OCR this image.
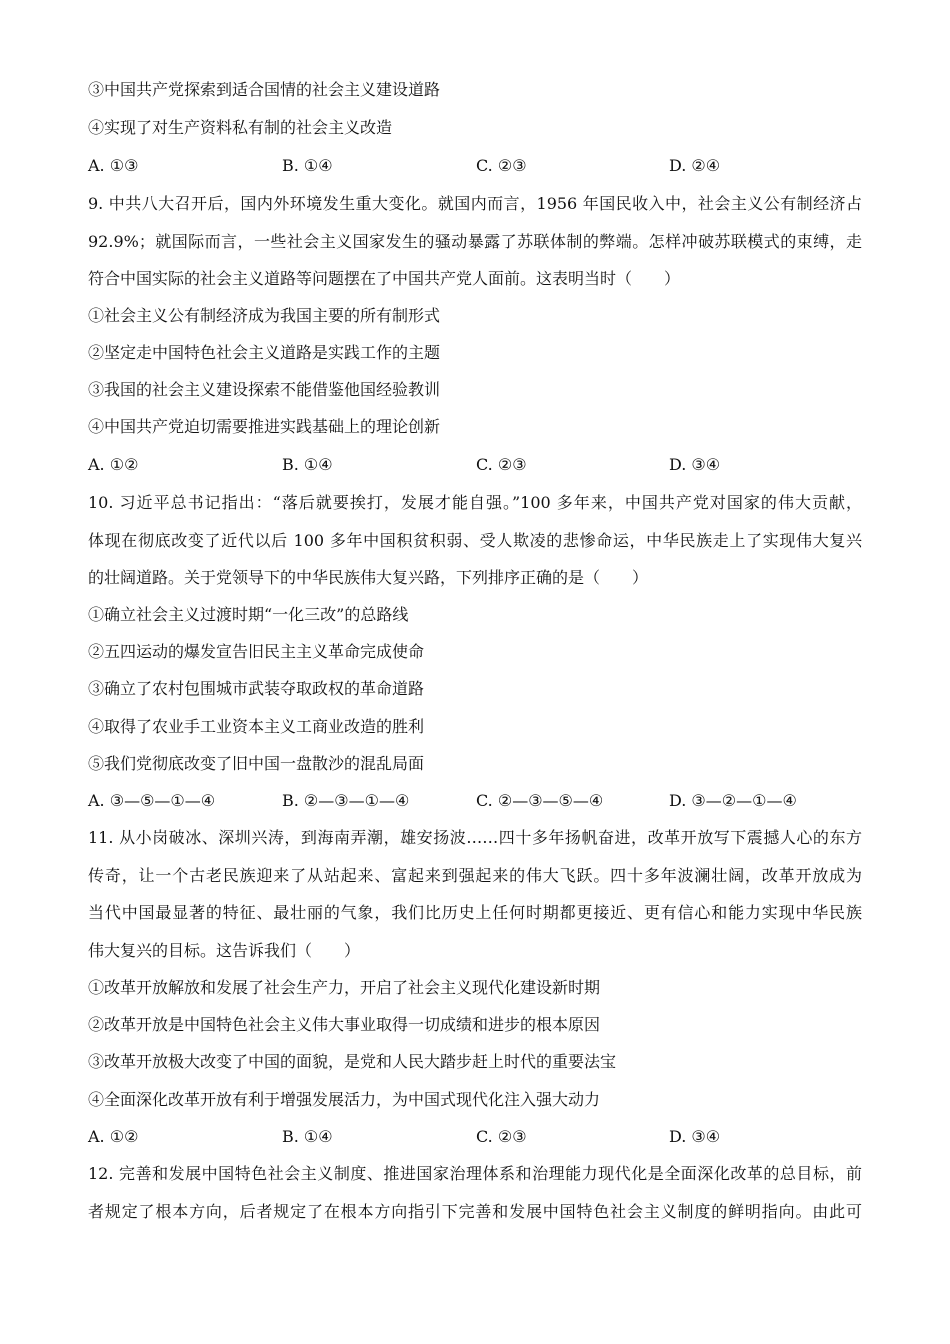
③中国共产党探索到适合国情的社会主义建设道路
④实现了对生产资料私有制的社会主义改造
A. ①③	B. ①④	C. ②③	D. ②④
9. 中共八大召开后，国内外环境发生重大变化。就国内而言，1956 年国民收入中，社会主义公有制经济占
92.9%；就国际而言，一些社会主义国家发生的骚动暴露了苏联体制的弊端。怎样冲破苏联模式的束缚，走
符合中国实际的社会主义道路等问题摆在了中国共产党人面前。这表明当时（　　）
①社会主义公有制经济成为我国主要的所有制形式
②坚定走中国特色社会主义道路是实践工作的主题
③我国的社会主义建设探索不能借鉴他国经验教训
④中国共产党迫切需要推进实践基础上的理论创新
A. ①②	B. ①④	C. ②③	D. ③④
10. 习近平总书记指出：“落后就要挨打，发展才能自强。”100 多年来，中国共产党对国家的伟大贡献，
体现在彻底改变了近代以后 100 多年中国积贫积弱、受人欺凌的悲惨命运，中华民族走上了实现伟大复兴
的壮阔道路。关于党领导下的中华民族伟大复兴路，下列排序正确的是（　　）
①确立社会主义过渡时期“一化三改”的总路线
②五四运动的爆发宣告旧民主主义革命完成使命
③确立了农村包围城市武装夺取政权的革命道路
④取得了农业手工业资本主义工商业改造的胜利
⑤我们党彻底改变了旧中国一盘散沙的混乱局面
A. ③—⑤—①—④	B. ②—③—①—④	C. ②—③—⑤—④	D. ③—②—①—④
11. 从小岗破冰、深圳兴涛，到海南弄潮，雄安扬波……四十多年扬帆奋进，改革开放写下震撼人心的东方
传奇，让一个古老民族迎来了从站起来、富起来到强起来的伟大飞跃。四十多年波澜壮阔，改革开放成为
当代中国最显著的特征、最壮丽的气象，我们比历史上任何时期都更接近、更有信心和能力实现中华民族
伟大复兴的目标。这告诉我们（　　）
①改革开放解放和发展了社会生产力，开启了社会主义现代化建设新时期
②改革开放是中国特色社会主义伟大事业取得一切成绩和进步的根本原因
③改革开放极大改变了中国的面貌，是党和人民大踏步赶上时代的重要法宝
④全面深化改革开放有利于增强发展活力，为中国式现代化注入强大动力
A. ①②	B. ①④	C. ②③	D. ③④
12. 完善和发展中国特色社会主义制度、推进国家治理体系和治理能力现代化是全面深化改革的总目标，前
者规定了根本方向，后者规定了在根本方向指引下完善和发展中国特色社会主义制度的鲜明指向。由此可
